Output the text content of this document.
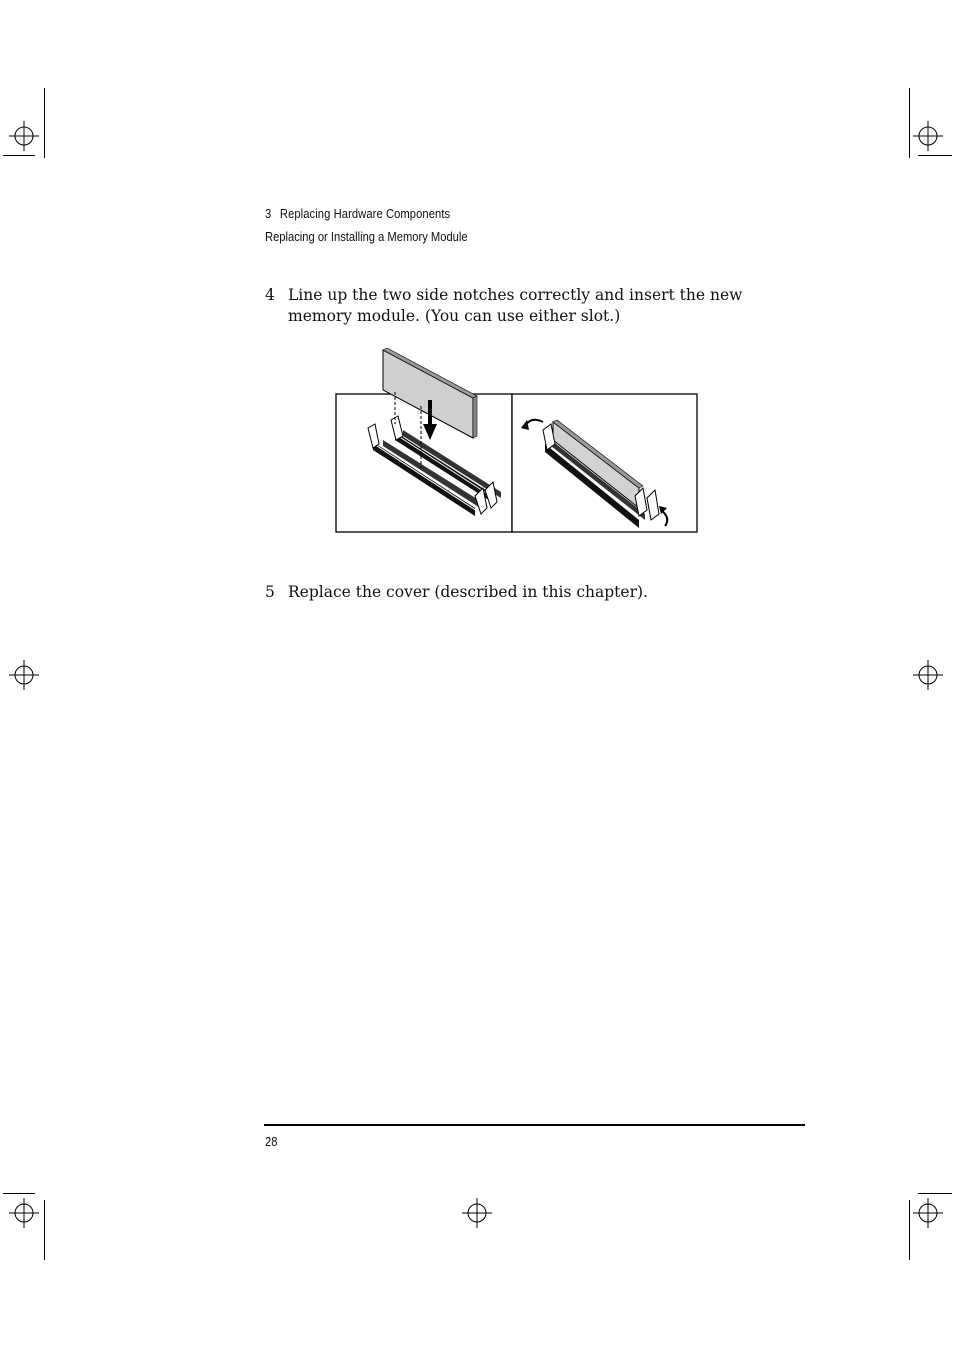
3 Replacing Hardware Components
Replacing or Installing a Memory Module
4 Line up the two side notches correctly and insert the new memory module. (You can use either slot.)
5 Replace the cover (described in this chapter).
28
